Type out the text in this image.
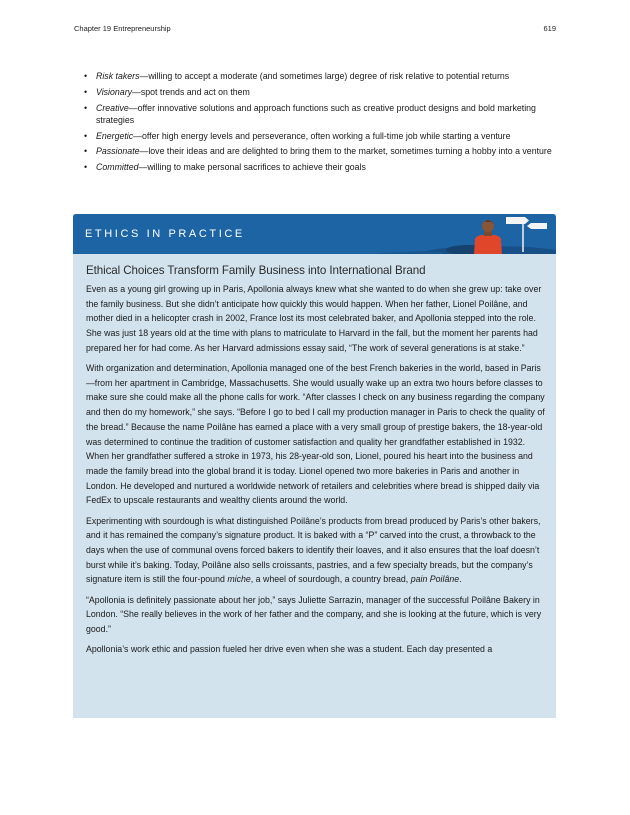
Chapter 19 Entrepreneurship	619
• Risk takers—willing to accept a moderate (and sometimes large) degree of risk relative to potential returns
• Visionary—spot trends and act on them
• Creative—offer innovative solutions and approach functions such as creative product designs and bold marketing strategies
• Energetic—offer high energy levels and perseverance, often working a full-time job while starting a venture
• Passionate—love their ideas and are delighted to bring them to the market, sometimes turning a hobby into a venture
• Committed—willing to make personal sacrifices to achieve their goals
ETHICS IN PRACTICE
Ethical Choices Transform Family Business into International Brand

Even as a young girl growing up in Paris, Apollonia always knew what she wanted to do when she grew up: take over the family business. But she didn’t anticipate how quickly this would happen. When her father, Lionel Poilâne, and mother died in a helicopter crash in 2002, France lost its most celebrated baker, and Apollonia stepped into the role. She was just 18 years old at the time with plans to matriculate to Harvard in the fall, but the moment her parents had prepared her for had come. As her Harvard admissions essay said, “The work of several generations is at stake.”

With organization and determination, Apollonia managed one of the best French bakeries in the world, based in Paris—from her apartment in Cambridge, Massachusetts. She would usually wake up an extra two hours before classes to make sure she could make all the phone calls for work. “After classes I check on any business regarding the company and then do my homework,” she says. “Before I go to bed I call my production manager in Paris to check the quality of the bread.” Because the name Poilâne has earned a place with a very small group of prestige bakers, the 18-year-old was determined to continue the tradition of customer satisfaction and quality her grandfather established in 1932. When her grandfather suffered a stroke in 1973, his 28-year-old son, Lionel, poured his heart into the business and made the family bread into the global brand it is today. Lionel opened two more bakeries in Paris and another in London. He developed and nurtured a worldwide network of retailers and celebrities where bread is shipped daily via FedEx to upscale restaurants and wealthy clients around the world.

Experimenting with sourdough is what distinguished Poilâne’s products from bread produced by Paris’s other bakers, and it has remained the company’s signature product. It is baked with a “P” carved into the crust, a throwback to the days when the use of communal ovens forced bakers to identify their loaves, and it also ensures that the loaf doesn’t burst while it’s baking. Today, Poilâne also sells croissants, pastries, and a few specialty breads, but the company’s signature item is still the four-pound miche, a wheel of sourdough, a country bread, pain Poilâne.

“Apollonia is definitely passionate about her job,” says Juliette Sarrazin, manager of the successful Poilâne Bakery in London. “She really believes in the work of her father and the company, and she is looking at the future, which is very good.”

Apollonia’s work ethic and passion fueled her drive even when she was a student. Each day presented a
